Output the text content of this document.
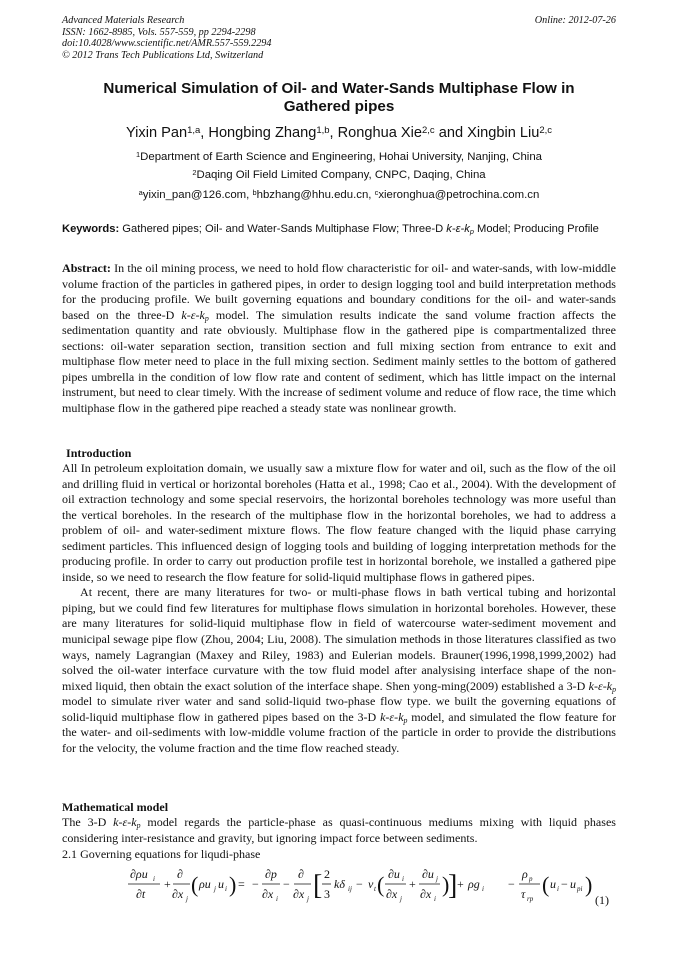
Advanced Materials Research
ISSN: 1662-8985, Vols. 557-559, pp 2294-2298
doi:10.4028/www.scientific.net/AMR.557-559.2294
© 2012 Trans Tech Publications Ltd, Switzerland
Online: 2012-07-26
Numerical Simulation of Oil- and Water-Sands Multiphase Flow in
Gathered pipes
Yixin Pan$^{1,a}$, Hongbing Zhang$^{1,b}$, Ronghua Xie$^{2,c}$ and Xingbin Liu$^{2,c}$
$^1$Department of Earth Science and Engineering, Hohai University, Nanjing, China
$^2$Daqing Oil Field Limited Company, CNPC, Daqing, China
$^a$yixin_pan@126.com, $^b$hbzhang@hhu.edu.cn, $^c$xieronghua@petrochina.com.cn
Keywords: Gathered pipes; Oil- and Water-Sands Multiphase Flow; Three-D $k-\varepsilon-k_p$ Model; Producing Profile

Abstract: In the oil mining process, we need to hold flow characteristic for oil- and water-sands, with low-middle volume fraction of the particles in gathered pipes, in order to design logging tool and build interpretation methods for the producing profile. We built governing equations and boundary conditions for the oil- and water-sands based on the three-D $k-\varepsilon-k_p$ model. The simulation results indicate the sand volume fraction affects the sedimentation quantity and rate obviously. Multiphase flow in the gathered pipe is compartmentalized three sections: oil-water separation section, transition section and full mixing section from entrance to exit and multiphase flow meter need to place in the full mixing section. Sediment mainly settles to the bottom of gathered pipes umbrella in the condition of low flow rate and content of sediment, which has little impact on the internal instrument, but need to clear timely. With the increase of sediment volume and reduce of flow race, the time which multiphase flow in the gathered pipe reached a steady state was nonlinear growth.

Introduction

All In petroleum exploitation domain, we usually saw a mixture flow for water and oil, such as the flow of the oil and drilling fluid in vertical or horizontal boreholes (Hatta et al., 1998; Cao et al., 2004). With the development of oil extraction technology and some special reservoirs, the horizontal boreholes technology was more useful than the vertical boreholes. In the research of the multiphase flow in the horizontal boreholes, we had to address a problem of oil- and water-sediment mixture flows. The flow feature changed with the liquid phase carrying sediment particles. This influenced design of logging tools and building of logging interpretation methods for the producing profile. In order to carry out production profile test in horizontal borehole, we installed a gathered pipe inside, so we need to research the flow feature for solid-liquid multiphase flows in gathered pipes.

At recent, there are many literatures for two- or multi-phase flows in bath vertical tubing and horizontal piping, but we could find few literatures for multiphase flows simulation in horizontal boreholes. However, these are many literatures for solid-liquid multiphase flow in field of watercourse water-sediment movement and municipal sewage pipe flow (Zhou, 2004; Liu, 2008). The simulation methods in those literatures classified as two ways, namely Lagrangian (Maxey and Riley, 1983) and Eulerian models. Brauner(1996,1998,1999,2002) had solved the oil-water interface curvature with the tow fluid model after analysising interface shape of the non-mixed liquid, then obtain the exact solution of the interface shape. Shen yong-ming(2009) established a 3-D $k-\varepsilon-k_p$ model to simulate river water and sand solid-liquid two-phase flow type. we built the governing equations of solid-liquid multiphase flow in gathered pipes based on the 3-D $k-\varepsilon-k_p$ model, and simulated the flow feature for the water- and oil-sediments with low-middle volume fraction of the particle in order to provide the distributions for the velocity, the volume fraction and the time flow reached steady.

Mathematical model

The 3-D $k-\varepsilon-k_p$ model regards the particle-phase as quasi-continuous mediums mixing with liquid phases considering inter-resistance and gravity, but ignoring impact force between sediments.

2.1 Governing equations for liqudi-phase
∂ρu i
∂t
+
∂
∂x j
( ρu j u i ) = −
∂p
∂x i
−
∂
∂x j [ 2
3
kδ ij − ν t ( ∂u i
∂x j
+
∂u j
∂x i
)
] + ρg i −
ρ p
τ rp
( u i − u pi )
(1)
